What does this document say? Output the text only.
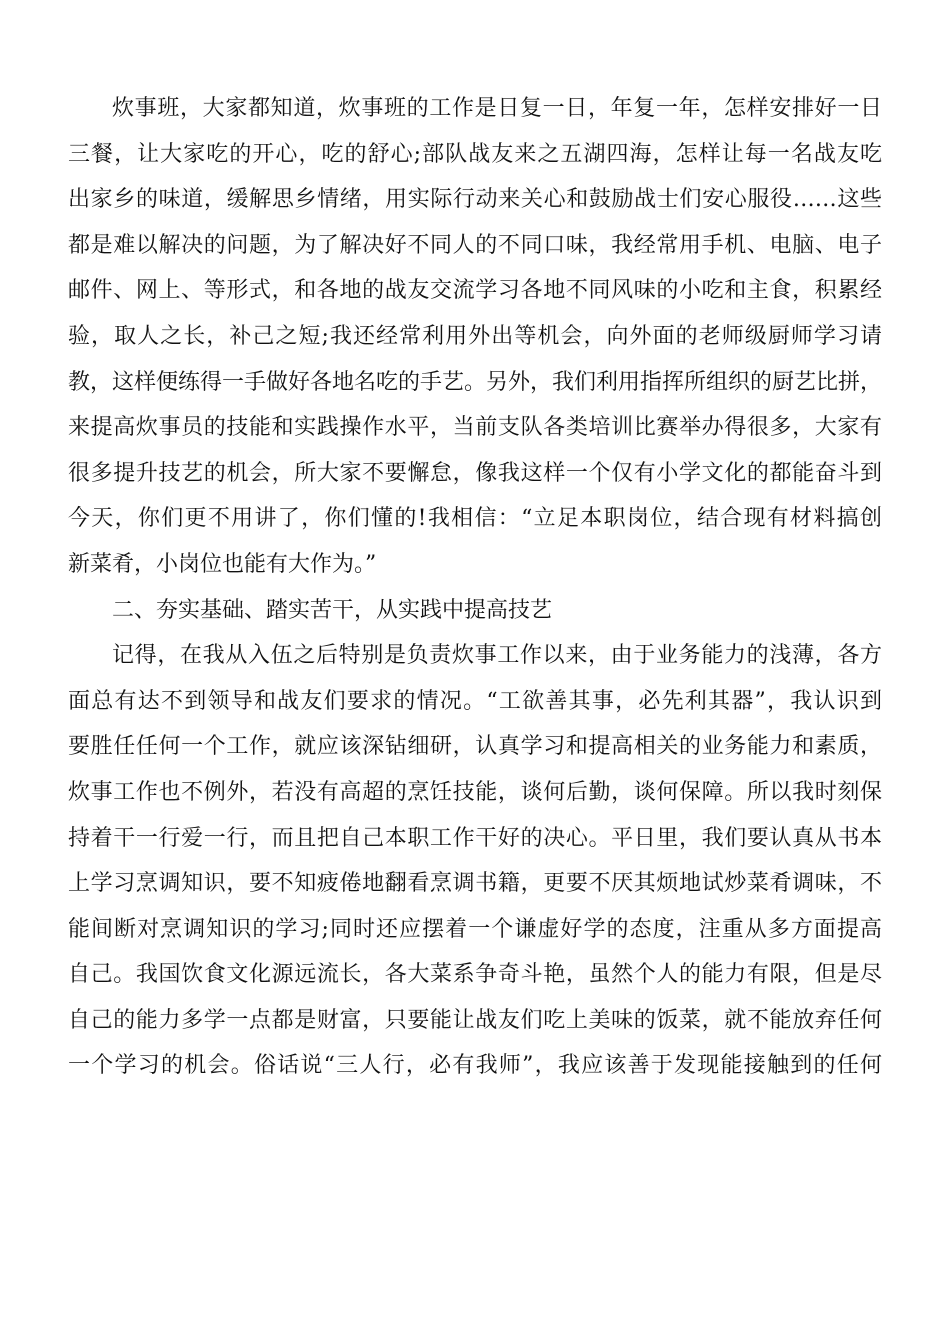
炊事班，大家都知道，炊事班的工作是日复一日，年复一年，怎样安排好一日
三餐，让大家吃的开心，吃的舒心;部队战友来之五湖四海，怎样让每一名战友吃
出家乡的味道，缓解思乡情绪，用实际行动来关心和鼓励战士们安心服役……这些
都是难以解决的问题，为了解决好不同人的不同口味，我经常用手机、电脑、电子
邮件、网上、等形式，和各地的战友交流学习各地不同风味的小吃和主食，积累经
验，取人之长，补己之短;我还经常利用外出等机会，向外面的老师级厨师学习请
教，这样便练得一手做好各地名吃的手艺。另外，我们利用指挥所组织的厨艺比拼，
来提高炊事员的技能和实践操作水平，当前支队各类培训比赛举办得很多，大家有
很多提升技艺的机会，所大家不要懈怠，像我这样一个仅有小学文化的都能奋斗到
今天，你们更不用讲了，你们懂的!我相信：“立足本职岗位，结合现有材料搞创
新菜肴，小岗位也能有大作为。”
二、夯实基础、踏实苦干，从实践中提高技艺
记得，在我从入伍之后特别是负责炊事工作以来，由于业务能力的浅薄，各方
面总有达不到领导和战友们要求的情况。“工欲善其事，必先利其器”，我认识到
要胜任任何一个工作，就应该深钻细研，认真学习和提高相关的业务能力和素质，
炊事工作也不例外，若没有高超的烹饪技能，谈何后勤，谈何保障。所以我时刻保
持着干一行爱一行，而且把自己本职工作干好的决心。平日里，我们要认真从书本
上学习烹调知识，要不知疲倦地翻看烹调书籍，更要不厌其烦地试炒菜肴调味，不
能间断对烹调知识的学习;同时还应摆着一个谦虚好学的态度，注重从多方面提高
自己。我国饮食文化源远流长，各大菜系争奇斗艳，虽然个人的能力有限，但是尽
自己的能力多学一点都是财富，只要能让战友们吃上美味的饭菜，就不能放弃任何
一个学习的机会。俗话说“三人行，必有我师”，我应该善于发现能接触到的任何
